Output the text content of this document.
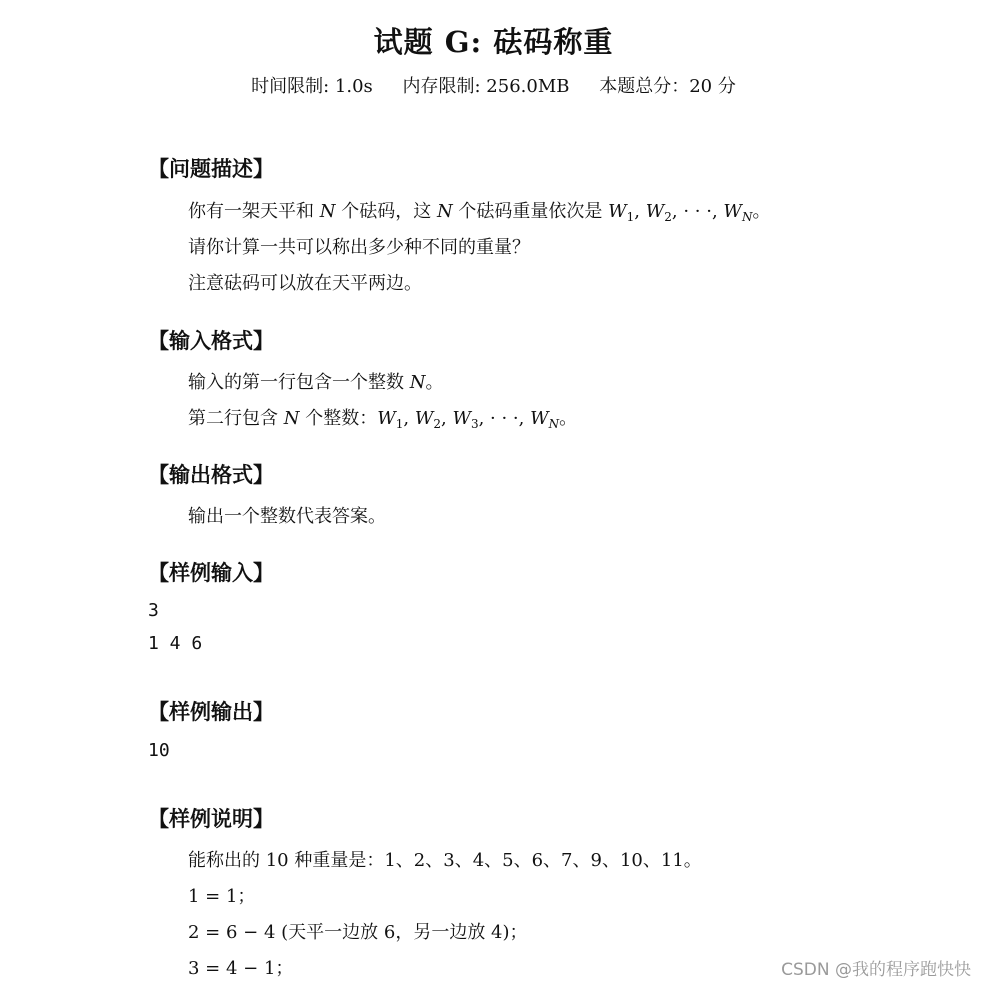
试题 G: 砝码称重
时间限制: 1.0s 内存限制: 256.0MB 本题总分：20 分
【问题描述】
你有一架天平和 N 个砝码，这 N 个砝码重量依次是 $W_1$, $W_2$, · · ·, $W_N$。
请你计算一共可以称出多少种不同的重量？
注意砝码可以放在天平两边。
【输入格式】
输入的第一行包含一个整数 N。
第二行包含 N 个整数：$W_1$, $W_2$, $W_3$, · · ·, $W_N$。
【输出格式】
输出一个整数代表答案。
【样例输入】
3
1 4 6
【样例输出】
10
【样例说明】
能称出的 10 种重量是：1、2、3、4、5、6、7、9、10、11。
1 = 1；
2 = 6 − 4 (天平一边放 6，另一边放 4)；
3 = 4 − 1；	CSDN @我的程序跑快快
